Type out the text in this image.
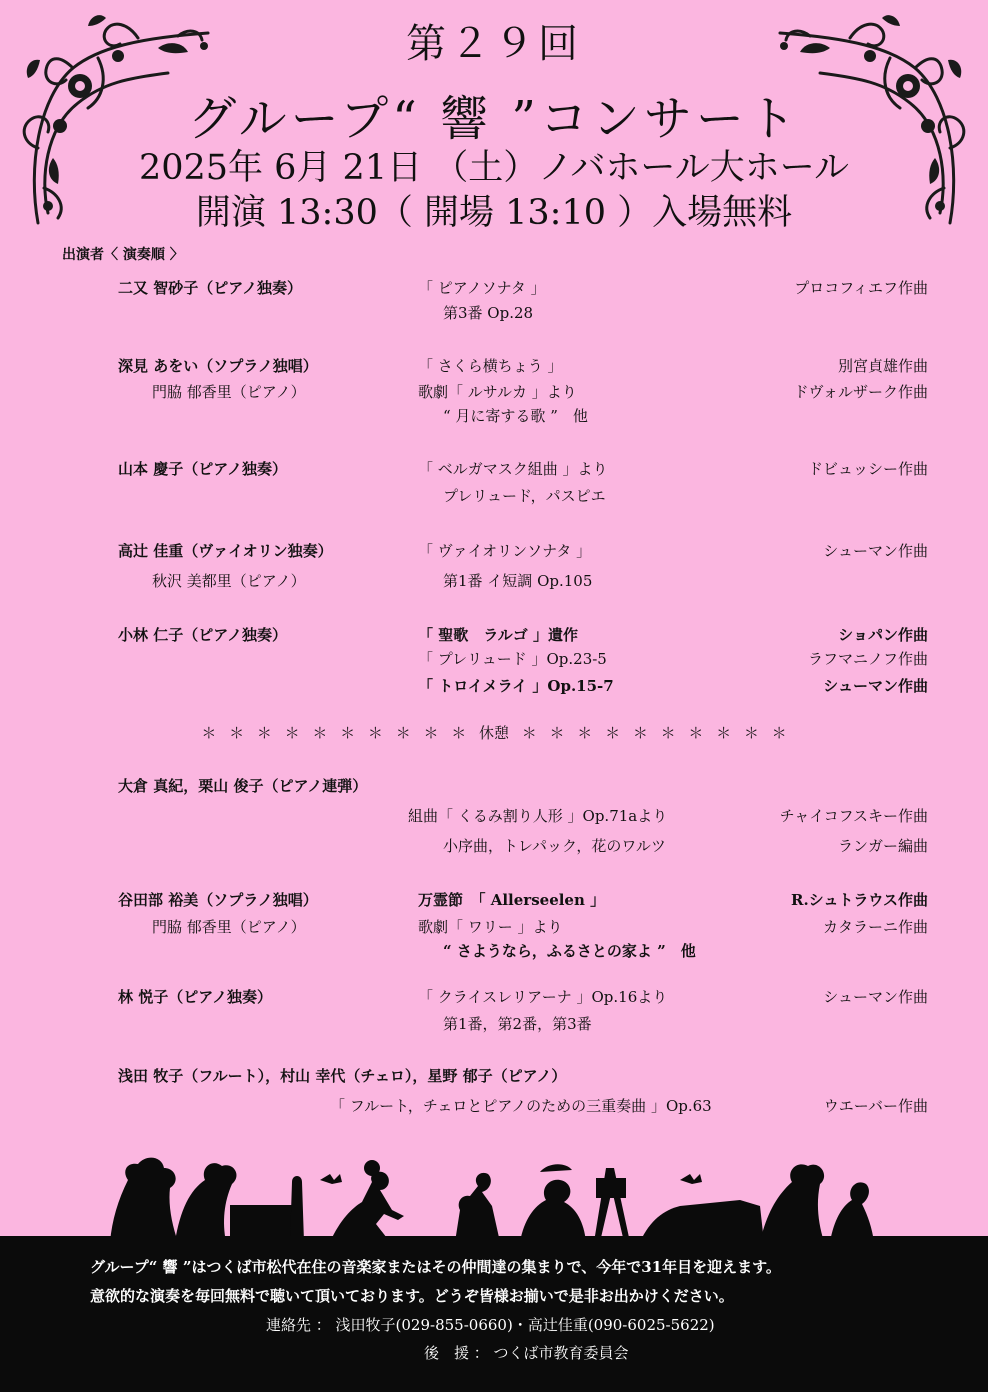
第２９回
グループ“ 響 ”コンサート
2025年 6月 21日 （土）ノバホール大ホール
開演 13:30（ 開場 13:10 ）入場無料
出演者〈 演奏順 〉
二又 智砂子（ピアノ独奏）	「 ピアノソナタ 」	プロコフィエフ作曲
第3番 Op.28
深見 あをい（ソプラノ独唱）	「 さくら横ちょう 」	別宮貞雄作曲
門脇 郁香里（ピアノ）	歌劇「 ルサルカ 」より	ドヴォルザーク作曲
“ 月に寄する歌 ”　他
山本 慶子（ピアノ独奏）	「 ベルガマスク組曲 」より	ドビュッシー作曲
プレリュード，パスピエ
高辻 佳重（ヴァイオリン独奏）	「 ヴァイオリンソナタ 」	シューマン作曲
秋沢 美都里（ピアノ）	第1番 イ短調 Op.105
小林 仁子（ピアノ独奏）	「 聖歌　ラルゴ 」遺作	ショパン作曲
「 プレリュード 」Op.23-5	ラフマニノフ作曲
「 トロイメライ 」Op.15-7	シューマン作曲
＊ ＊ ＊ ＊ ＊ ＊ ＊ ＊ ＊ ＊ 休憩 ＊ ＊ ＊ ＊ ＊ ＊ ＊ ＊ ＊ ＊
大倉 真紀，栗山 俊子（ピアノ連弾）
組曲「 くるみ割り人形 」Op.71aより	チャイコフスキー作曲
小序曲，トレパック，花のワルツ	ランガー編曲
谷田部 裕美（ソプラノ独唱）	万霊節　「 Allerseelen 」	R.シュトラウス作曲
門脇 郁香里（ピアノ）	歌劇「 ワリー 」より	カタラーニ作曲
“ さようなら，ふるさとの家よ ”　他
林 悦子（ピアノ独奏）	「 クライスレリアーナ 」Op.16より	シューマン作曲
第1番，第2番，第3番
浅田 牧子（フルート），村山 幸代（チェロ），星野 郁子（ピアノ）
「 フルート，チェロとピアノのための三重奏曲 」Op.63	ウエーバー作曲
グループ“ 響 ”はつくば市松代在住の音楽家またはその仲間達の集まりで、今年で31年目を迎えます。
意欲的な演奏を毎回無料で聴いて頂いております。どうぞ皆様お揃いで是非お出かけください。
連絡先 ： 浅田牧子(029-855-0660)・高辻佳重(090-6025-5622)
後　援 ： つくば市教育委員会
